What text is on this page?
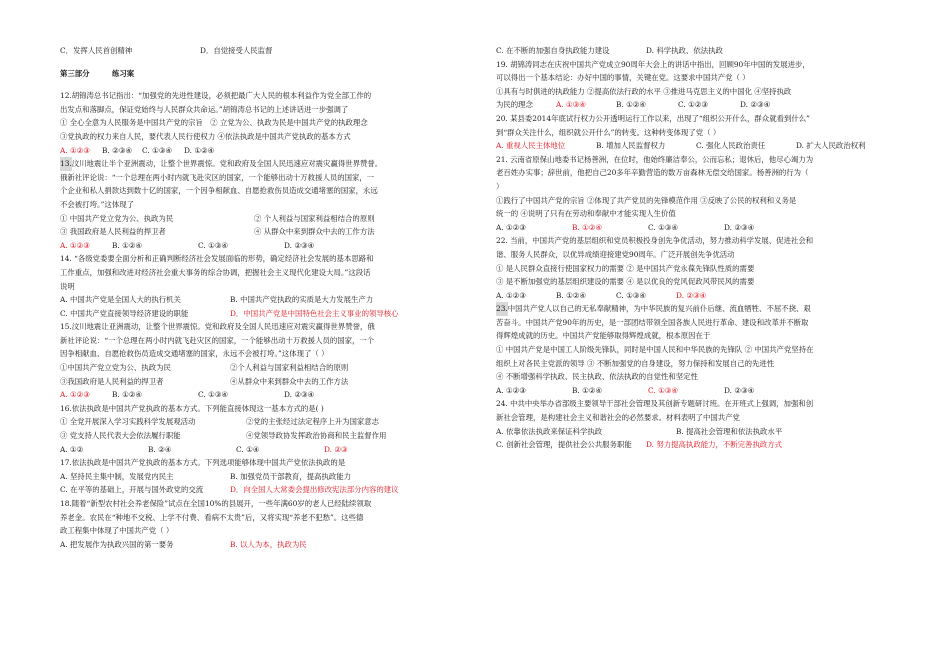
C．发挥人民首创精神	D．自觉接受人民监督
第三部分	练习案
12.胡锦涛总书记指出：“加强党的先进性建设，必须把最广大人民的根本利益作为党全部工作的
出发点和落脚点，保证党始终与人民群众共命运。”胡锦涛总书记的上述讲话进一步强调了
① 全心全意为人民服务是中国共产党的宗旨　② 立党为公、执政为民是中国共产党的执政理念
③党执政的权力来自人民，要代表人民行使权力 ④依法执政是中国共产党执政的基本方式
A. ①②③ B. ②③④ C. ①③④ D. ①②④
13.汶川地震让半个亚洲震动，让整个世界震惊。党和政府及全国人民迅速应对震灾赢得世界赞誉。
俄新社评论说：“一个总理在两小时内就飞赴灾区的国家，一个能够出动十万救援人员的国家，一
个企业和私人捐款达到数十亿的国家，一个因争相献血、自愿抢救伤员造成交通堵塞的国家，永远
不会被打垮。”这体现了
① 中国共产党立党为公、执政为民	② 个人利益与国家利益相结合的原则
③ 我国政府是人民利益的捍卫者	④ 从群众中来到群众中去的工作方法
A. ①②③	B. ①②④	C. ①③④	D. ②③④
14. “各级党委要全面分析和正确判断经济社会发展面临的形势，确定经济社会发展的基本思路和
工作重点，加强和改进对经济社会重大事务的综合协调，把握社会主义现代化建设大局。”这段话
说明
A. 中国共产党是全国人大的执行机关	B. 中国共产党执政的实质是大力发展生产力
C. 中国共产党直接领导经济建设的职能	D．中国共产党是中国特色社会主义事业的领导核心
15.汶川地震让亚洲震动，让整个世界震惊。党和政府及全国人民迅速应对震灾赢得世界赞誉，俄
新社评论说：“一个总理在两小时内就飞赴灾区的国家，一个能够出动十万救援人员的国家，一个
因争相献血、自愿抢救伤员造成交通堵塞的国家，永远不会被打垮。”这体现了（ ）
①中国共产党立党为公、执政为民	②个人利益与国家利益相结合的原则
③我国政府是人民利益的捍卫者	④从群众中来到群众中去的工作方法
A. ①②③	B. ①②④	C. ①③④	D. ②③④
16.依法执政是中国共产党执政的基本方式。下列能直接体现这一基本方式的是( )
① 全党开展深入学习实践科学发展观活动	②党的主张经过法定程序上升为国家意志
③ 党支持人民代表大会依法履行职能	④党领导政协发挥政治协商和民主监督作用
A. ①②	B. ②④	C. ①④	D. ②③
17.依法执政是中国共产党执政的基本方式。下列选项能够体现中国共产党依法执政的是
A. 坚持民主集中制，发展党内民主	B. 加强党员干部教育，提高执政能力
C. 在平等的基础上，开展与国外政党的交流	D．向全国人大常委会提出修改宪法部分内容的建议
18.随着“新型农村社会养老保险”试点在全国10%的县展开，一些年满60岁的老人已经陆续领取
养老金。农民在“种地不交税、上学不付费、看病不太贵”后，又将实现“养老不犯愁”。这些德
政工程集中体现了中国共产党（ ）
A. 把发展作为执政兴国的第一要务	B. 以人为本，执政为民
C. 在不断的加强自身执政能力建设	D. 科学执政、依法执政
19. 胡锦涛同志在庆祝中国共产党成立90周年大会上的讲话中指出，回顾90年中国的发展进步，
可以得出一个基本结论：办好中国的事情，关键在党。这要求中国共产党（ ）
①具有与时俱进的执政能力 ②提高依法行政的水平 ③推进马克思主义的中国化 ④坚持执政
为民的理念	A. ①③④	B. ①②④	C. ①②③	D. ②③④
20. 某县委2014年底试行权力公开透明运行工作以来，出现了“组织公开什么，群众就看到什么”
到“群众关注什么，组织就公开什么”的转变。这种转变体现了党（ ）
A. 重视人民主体地位	B. 增加人民监督权力	C. 强化人民政治责任	D. 扩大人民政治权利
21. 云南省原保山地委书记杨善洲，在位时，他始终廉洁奉公，公而忘私；退休后，他尽心竭力为
老百姓办实事；辞世前，他把自己20多年辛勤营造的数万亩森林无偿交给国家。杨善洲的行为（
）
①践行了中国共产党的宗旨 ②体现了共产党员的先锋模范作用 ③反映了公民的权利和义务是
统一的 ④说明了只有在劳动和奉献中才能实现人生价值
A. ①②③	B. ①②④	C. ①③④	D. ②③④
22. 当前，中国共产党的基层组织和党员积极投身创先争优活动，努力推动科学发展、促进社会和
谐、服务人民群众，以优异成绩迎接建党90周年。广泛开展创先争优活动
① 是人民群众直接行使国家权力的需要 ② 是中国共产党永葆先锋队性质的需要
③ 是不断加强党的基层组织建设的需要 ④ 是以优良的党风促政风带民风的需要
A. ①②③	B. ①②④	C. ①③④	D. ②③④
23.中国共产党人以自己的无私奉献精神，为中华民族的复兴前仆后继、流血牺牲、不屈不挠、艰
苦奋斗。中国共产党90年的历史，是一部团结带领全国各族人民进行革命、建设和改革并不断取
得辉煌成就的历史。中国共产党能够取得辉煌成就，根本原因在于
① 中国共产党是中国工人阶级先锋队，同时是中国人民和中华民族的先锋队 ② 中国共产党坚持在
组织上对各民主党派的领导 ③ 不断加强党的自身建设，努力保持和发展自己的先进性
④ 不断增强科学执政、民主执政、依法执政的自觉性和坚定性
A. ①②③	B. ①②④	C. ①③④	D. ②③④
24. 中共中央举办省部级主要领导干部社会管理及其创新专题研讨班。在开班式上强调，加强和创
新社会管理，是构建社会主义和谐社会的必然要求。材料表明了中国共产党
A. 依靠依法执政来保证科学执政	B. 提高社会管理和依法执政水平
C. 创新社会管理，提供社会公共服务职能 D. 努力提高执政能力，不断完善执政方式
